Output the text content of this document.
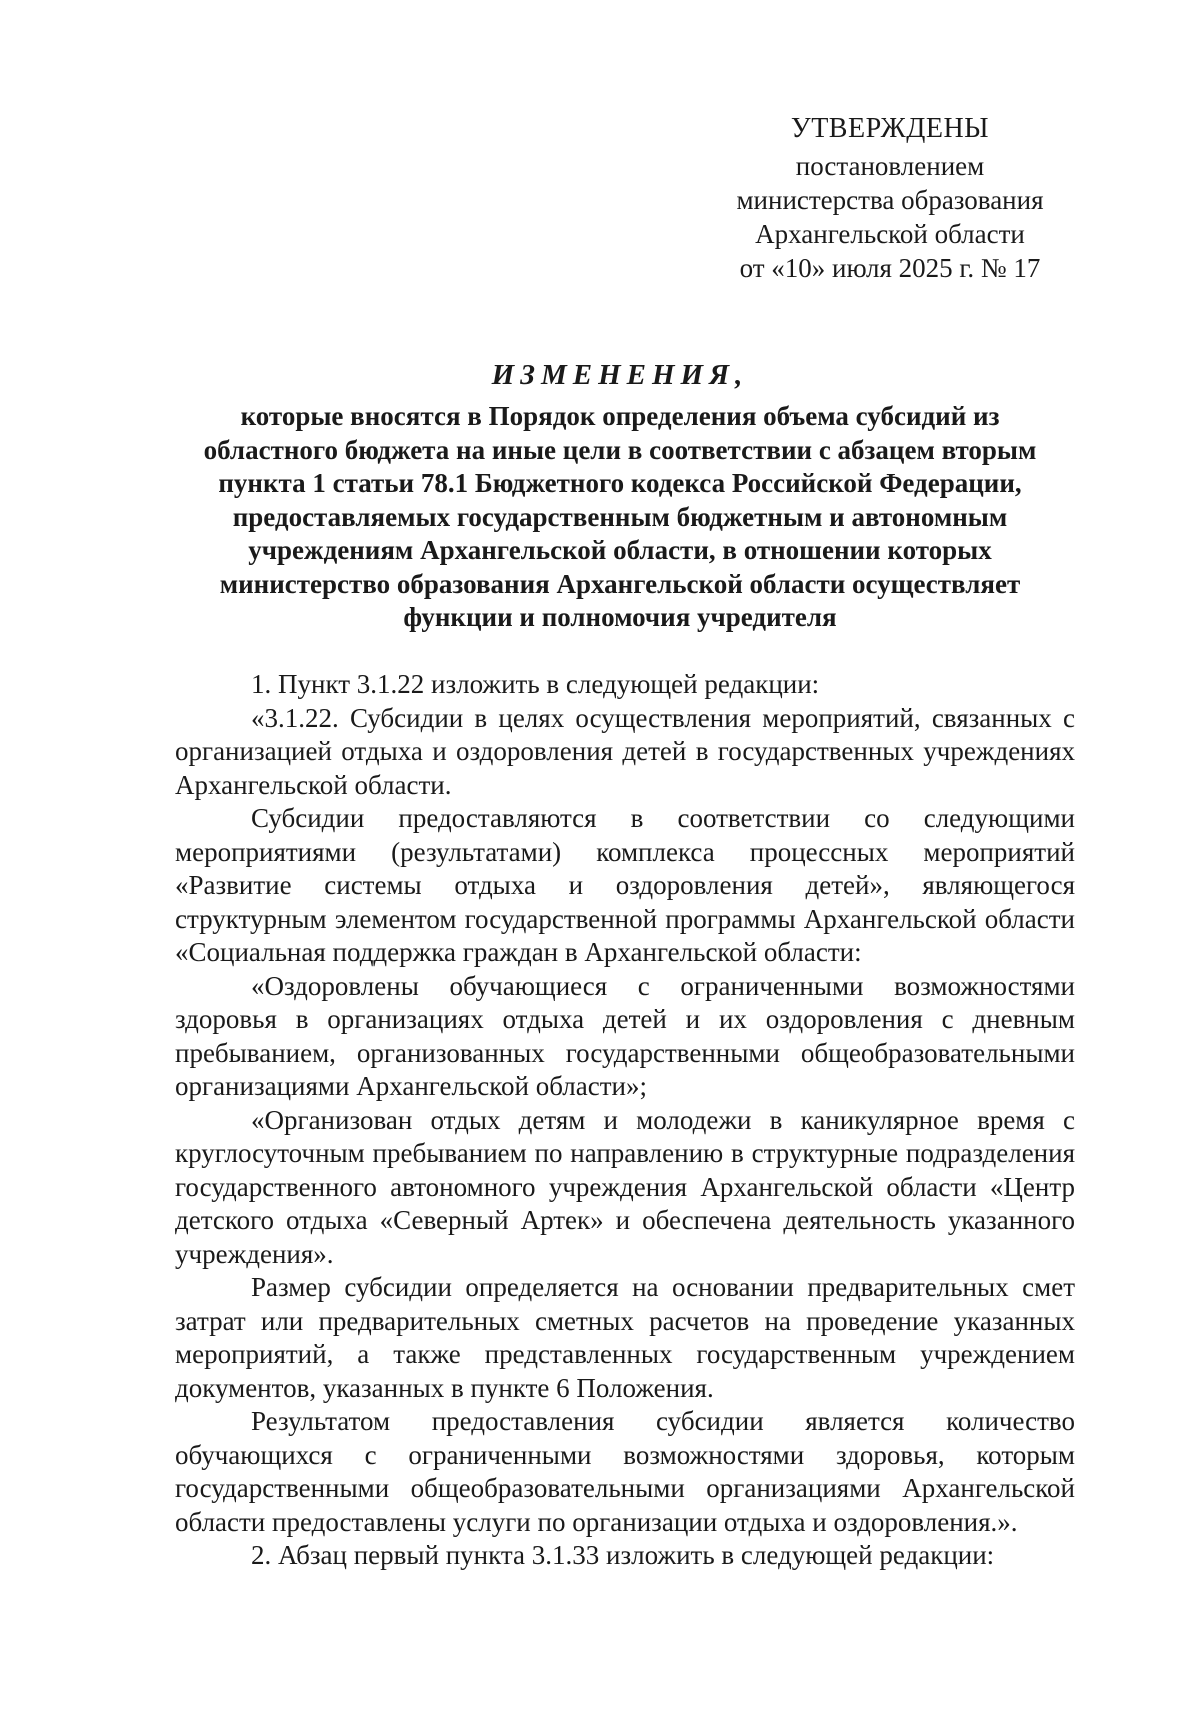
УТВЕРЖДЕНЫ
постановлением
министерства образования
Архангельской области
от «10» июля 2025 г. № 17
ИЗМЕНЕНИЯ,
которые вносятся в Порядок определения объема субсидий из
областного бюджета на иные цели в соответствии с абзацем вторым
пункта 1 статьи 78.1 Бюджетного кодекса Российской Федерации,
предоставляемых государственным бюджетным и автономным
учреждениям Архангельской области, в отношении которых
министерство образования Архангельской области осуществляет
функции и полномочия учредителя

1. Пункт 3.1.22 изложить в следующей редакции:

«3.1.22. Субсидии в целях осуществления мероприятий, связанных с организацией отдыха и оздоровления детей в государственных учреждениях Архангельской области.

Субсидии предоставляются в соответствии со следующими мероприятиями (результатами) комплекса процессных мероприятий «Развитие системы отдыха и оздоровления детей», являющегося структурным элементом государственной программы Архангельской области «Социальная поддержка граждан в Архангельской области:

«Оздоровлены обучающиеся с ограниченными возможностями здоровья в организациях отдыха детей и их оздоровления с дневным пребыванием, организованных государственными общеобразовательными организациями Архангельской области»;

«Организован отдых детям и молодежи в каникулярное время с круглосуточным пребыванием по направлению в структурные подразделения государственного автономного учреждения Архангельской области «Центр детского отдыха «Северный Артек» и обеспечена деятельность указанного учреждения».

Размер субсидии определяется на основании предварительных смет затрат или предварительных сметных расчетов на проведение указанных мероприятий, а также представленных государственным учреждением документов, указанных в пункте 6 Положения.

Результатом предоставления субсидии является количество обучающихся с ограниченными возможностями здоровья, которым государственными общеобразовательными организациями Архангельской области предоставлены услуги по организации отдыха и оздоровления.».

2. Абзац первый пункта 3.1.33 изложить в следующей редакции:
